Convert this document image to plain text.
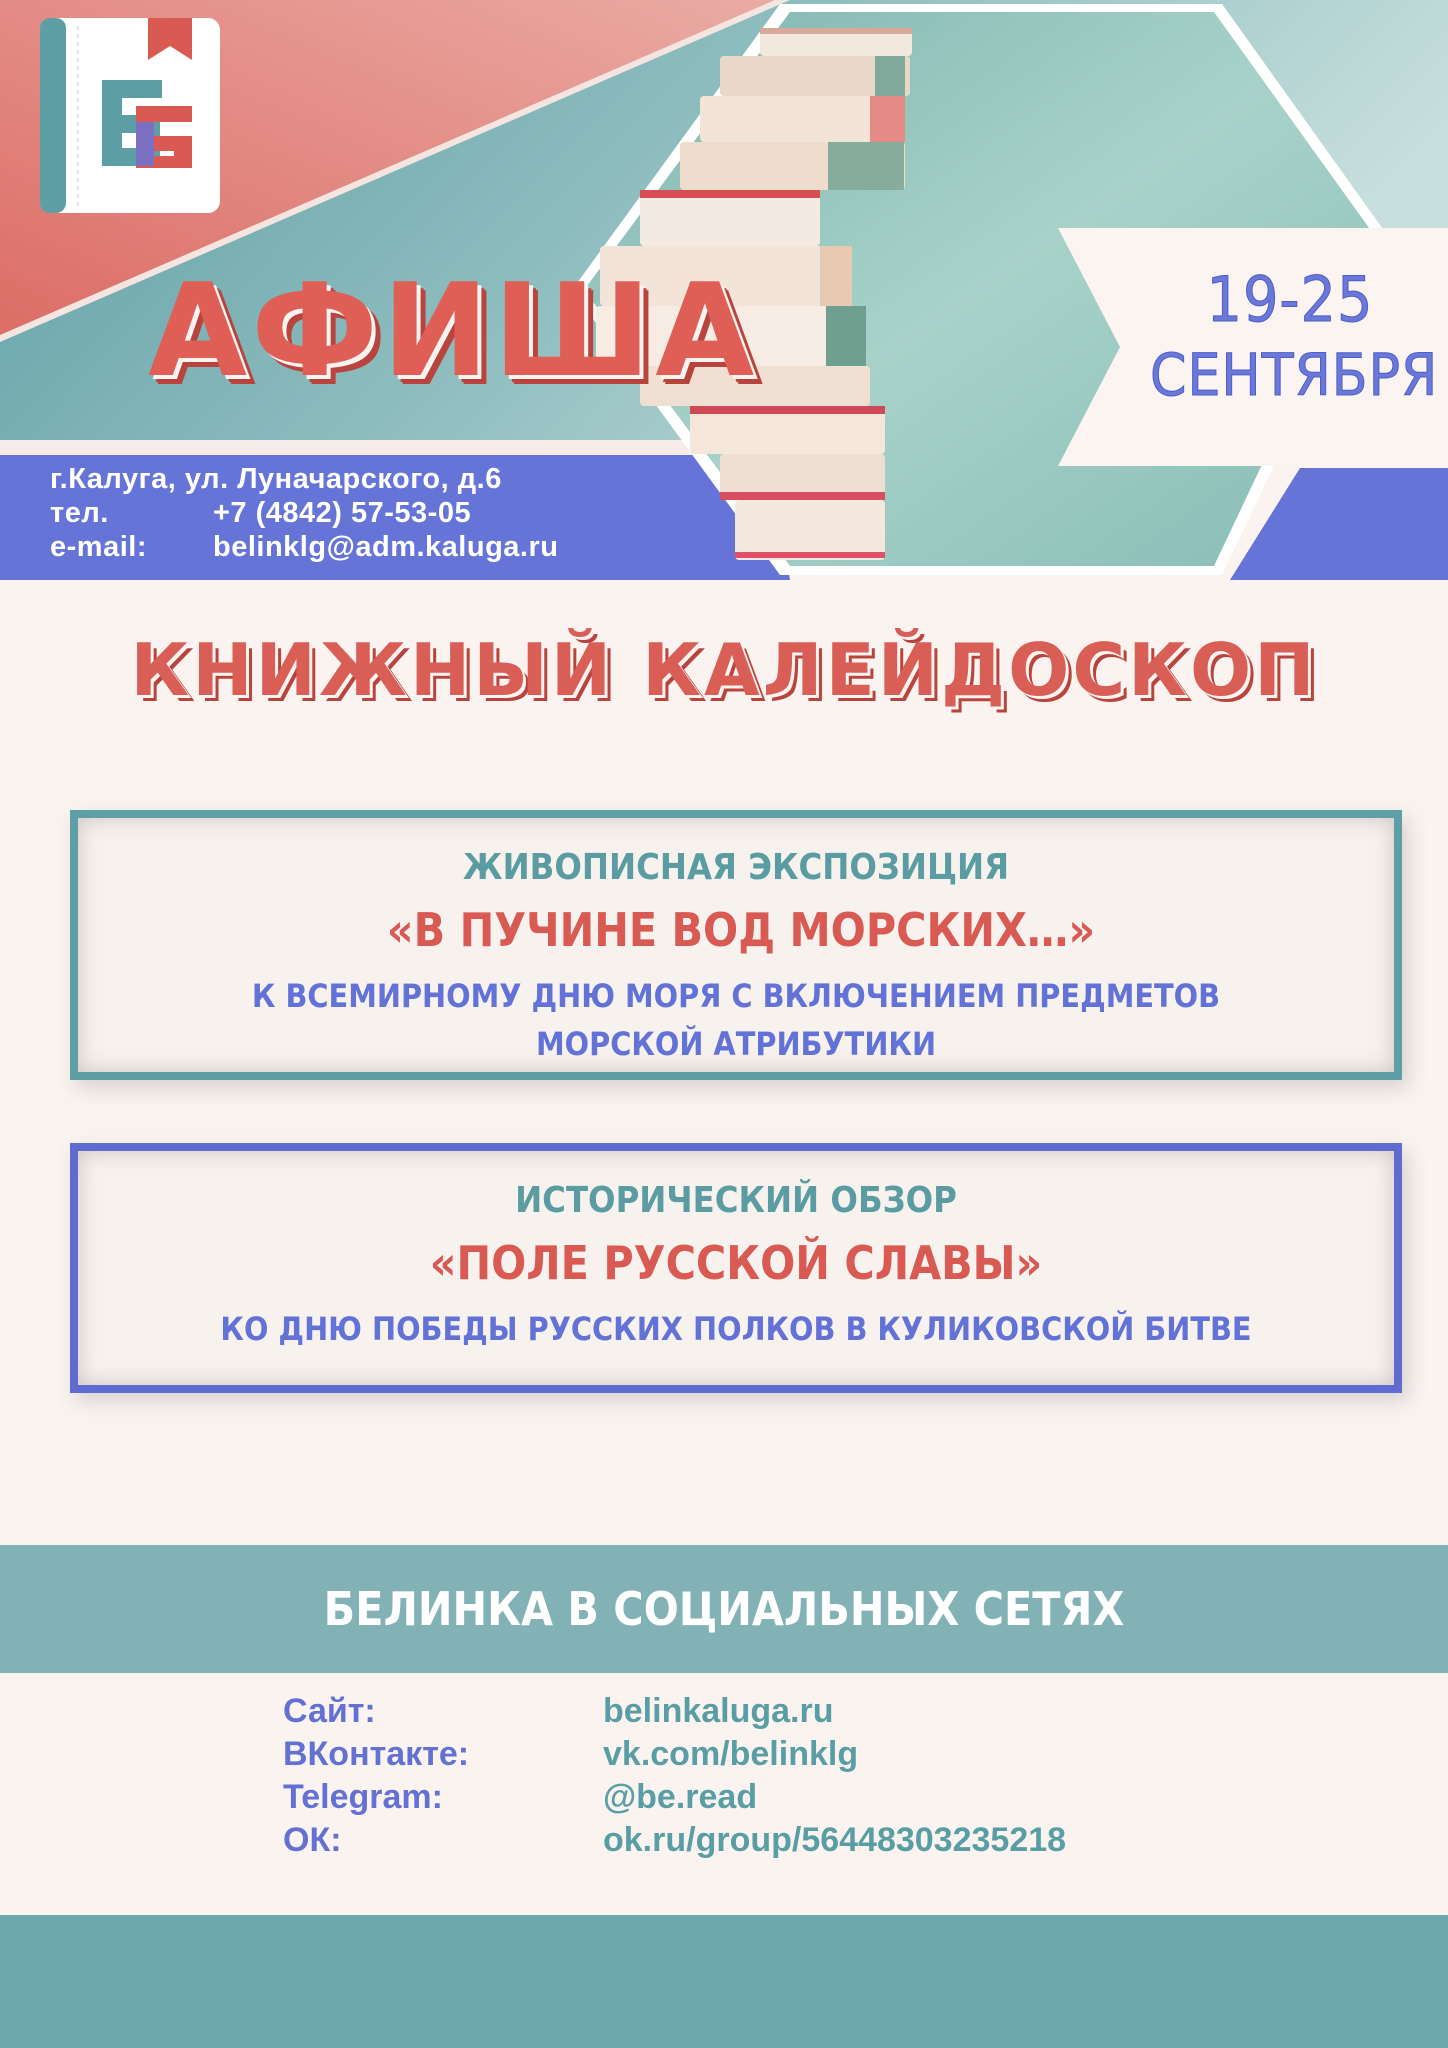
АФИША	19-25
СЕНТЯБРЯ
г.Калуга, ул. Луначарского, д.6
тел.	+7 (4842) 57-53-05
e-mail:	belinklg@adm.kaluga.ru
КНИЖНЫЙ КАЛЕЙДОСКОП
ЖИВОПИСНАЯ ЭКСПОЗИЦИЯ
«В ПУЧИНЕ ВОД МОРСКИХ…»
К ВСЕМИРНОМУ ДНЮ МОРЯ С ВКЛЮЧЕНИЕМ ПРЕДМЕТОВ
МОРСКОЙ АТРИБУТИКИ
ИСТОРИЧЕСКИЙ ОБЗОР
«ПОЛЕ РУССКОЙ СЛАВЫ»
КО ДНЮ ПОБЕДЫ РУССКИХ ПОЛКОВ В КУЛИКОВСКОЙ БИТВЕ
БЕЛИНКА В СОЦИАЛЬНЫХ СЕТЯХ
Сайт:	belinkaluga.ru
ВКонтакте:	vk.com/belinklg
Telegram:	@be.read
ОК:	ok.ru/group/56448303235218
